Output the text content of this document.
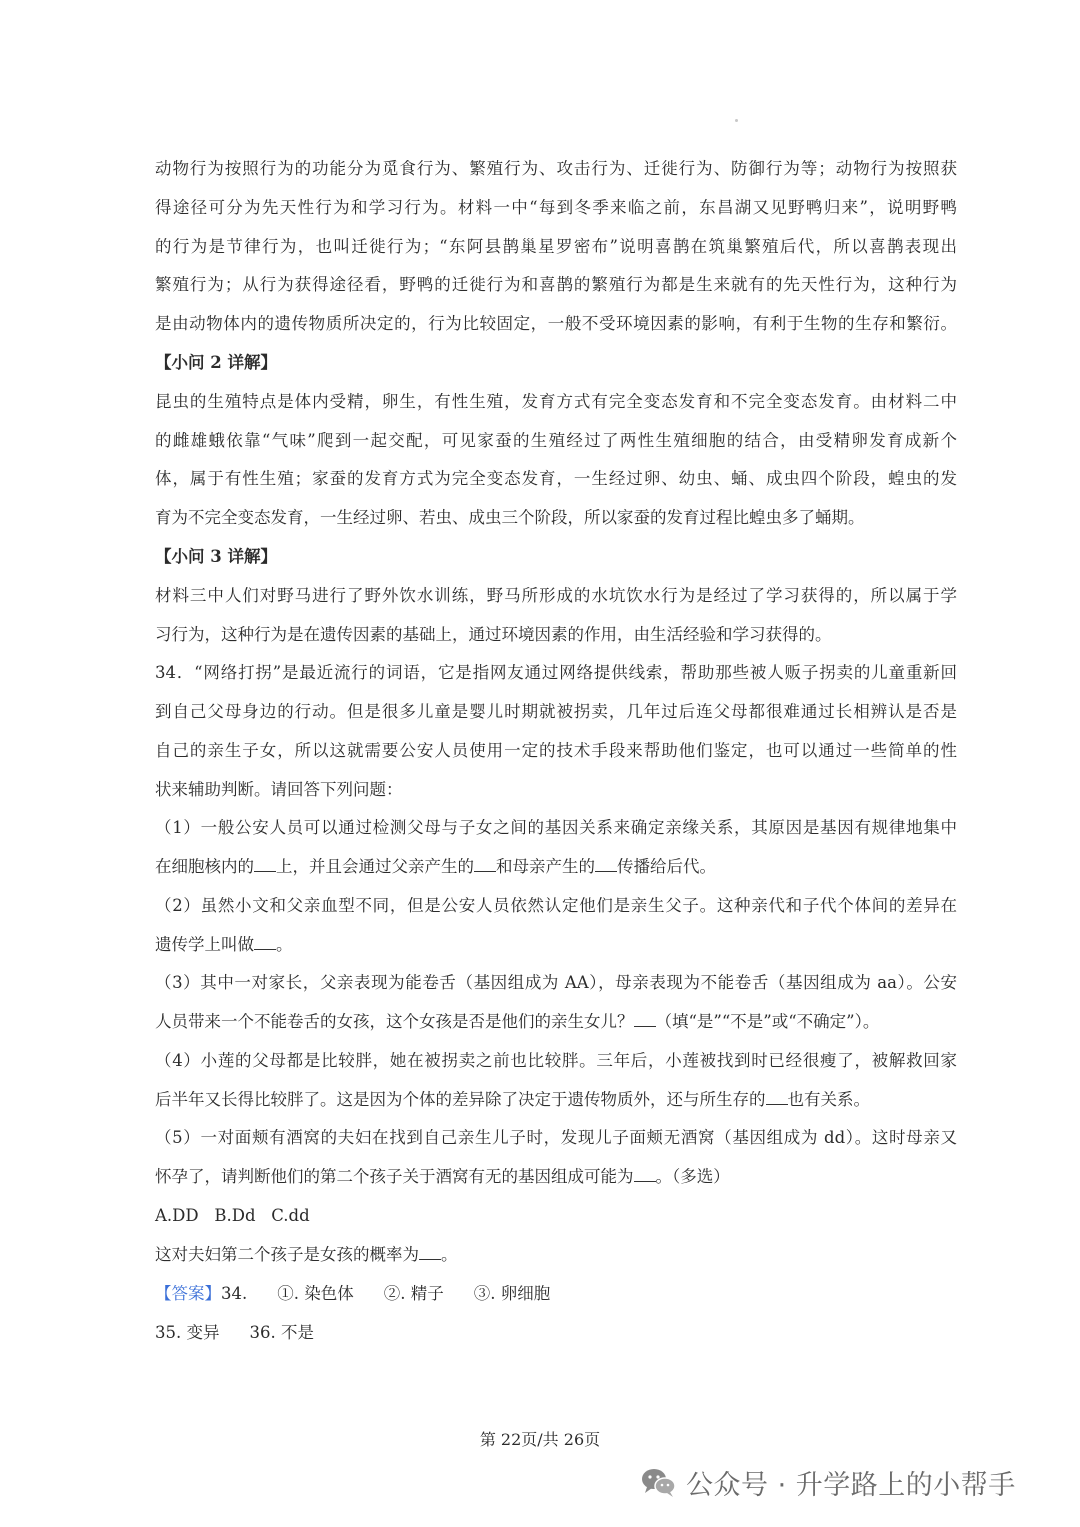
动物行为按照行为的功能分为觅食行为、繁殖行为、攻击行为、迁徙行为、防御行为等；动物行为按照获
得途径可分为先天性行为和学习行为。材料一中“每到冬季来临之前，东昌湖又见野鸭归来”，说明野鸭
的行为是节律行为，也叫迁徙行为；“东阿县鹊巢星罗密布”说明喜鹊在筑巢繁殖后代，所以喜鹊表现出
繁殖行为；从行为获得途径看，野鸭的迁徙行为和喜鹊的繁殖行为都是生来就有的先天性行为，这种行为
是由动物体内的遗传物质所决定的，行为比较固定，一般不受环境因素的影响，有利于生物的生存和繁衍。
【小问 2 详解】
昆虫的生殖特点是体内受精，卵生，有性生殖，发育方式有完全变态发育和不完全变态发育。由材料二中
的雌雄蛾依靠“气味”爬到一起交配，可见家蚕的生殖经过了两性生殖细胞的结合，由受精卵发育成新个
体，属于有性生殖；家蚕的发育方式为完全变态发育，一生经过卵、幼虫、蛹、成虫四个阶段，蝗虫的发
育为不完全变态发育，一生经过卵、若虫、成虫三个阶段，所以家蚕的发育过程比蝗虫多了蛹期。
【小问 3 详解】
材料三中人们对野马进行了野外饮水训练，野马所形成的水坑饮水行为是经过了学习获得的，所以属于学
习行为，这种行为是在遗传因素的基础上，通过环境因素的作用，由生活经验和学习获得的。
34．“网络打拐”是最近流行的词语，它是指网友通过网络提供线索，帮助那些被人贩子拐卖的儿童重新回
到自己父母身边的行动。但是很多儿童是婴儿时期就被拐卖，几年过后连父母都很难通过长相辨认是否是
自己的亲生子女，所以这就需要公安人员使用一定的技术手段来帮助他们鉴定，也可以通过一些简单的性
状来辅助判断。请回答下列问题：
（1）一般公安人员可以通过检测父母与子女之间的基因关系来确定亲缘关系，其原因是基因有规律地集中
在细胞核内的 上，并且会通过父亲产生的 和母亲产生的 传播给后代。
（2）虽然小文和父亲血型不同，但是公安人员依然认定他们是亲生父子。这种亲代和子代个体间的差异在
遗传学上叫做 。
（3）其中一对家长，父亲表现为能卷舌（基因组成为 AA），母亲表现为不能卷舌（基因组成为 aa）。公安
人员带来一个不能卷舌的女孩，这个女孩是否是他们的亲生女儿？ （填“是”“不是”或“不确定”）。
（4）小莲的父母都是比较胖，她在被拐卖之前也比较胖。三年后，小莲被找到时已经很瘦了，被解救回家
后半年又长得比较胖了。这是因为个体的差异除了决定于遗传物质外，还与所生存的 也有关系。
（5）一对面颊有酒窝的夫妇在找到自己亲生儿子时，发现儿子面颊无酒窝（基因组成为 dd）。这时母亲又
怀孕了，请判断他们的第二个孩子关于酒窝有无的基因组成可能为 。（多选）
A.DD   B.Dd   C.dd
这对夫妇第二个孩子是女孩的概率为 。
【答案】34. ①. 染色体 ②. 精子 ③. 卵细胞
35. 变异 36. 不是
第 22页/共 26页
公众号 · 升学路上的小帮手
